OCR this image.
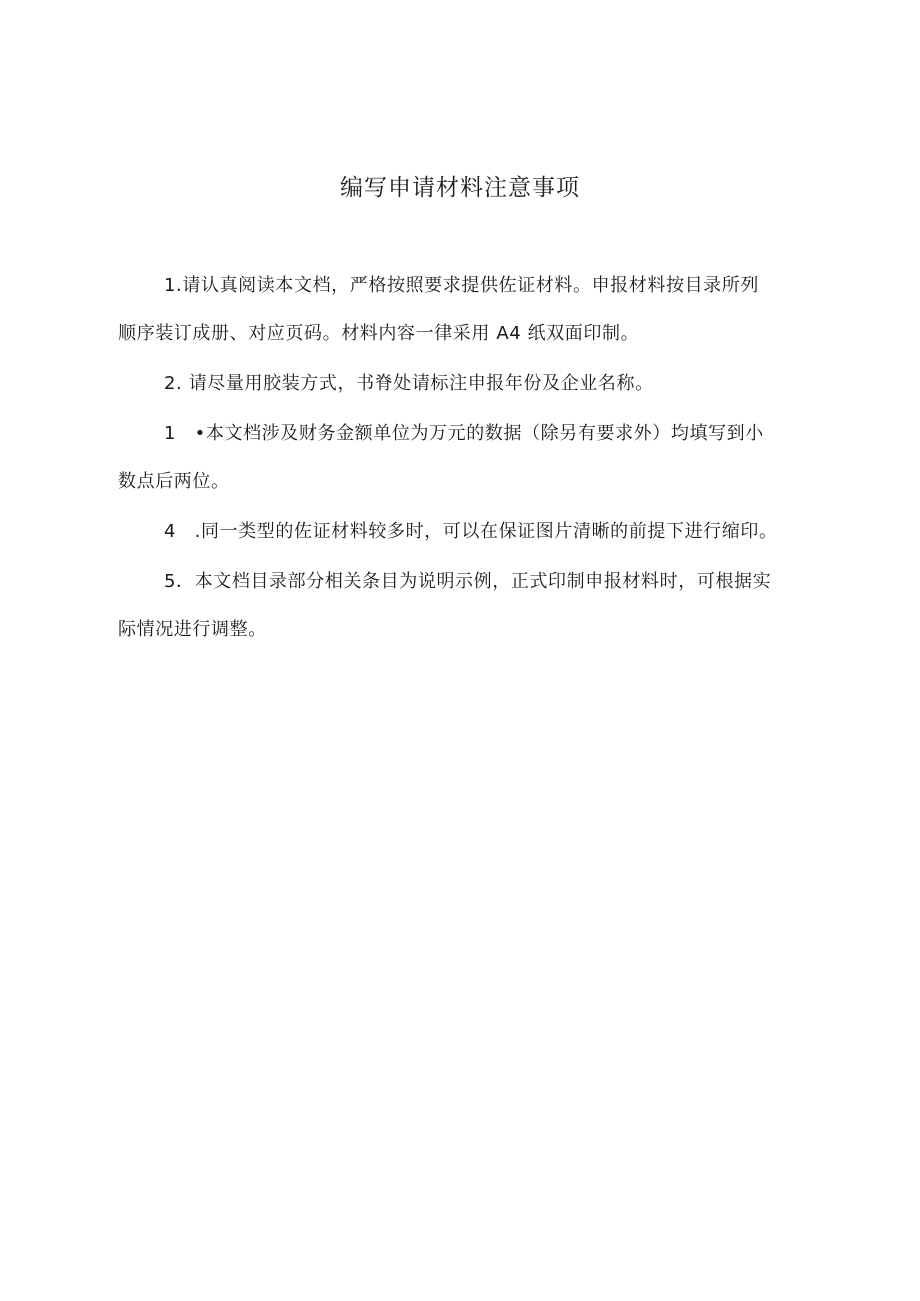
编写申请材料注意事项

1.请认真阅读本文档，严格按照要求提供佐证材料。申报材料按目录所列
顺序装订成册、对应页码。材料内容一律采用 A4 纸双面印制。

2. 请尽量用胶装方式，书脊处请标注申报年份及企业名称。

1　•本文档涉及财务金额单位为万元的数据（除另有要求外）均填写到小
数点后两位。

4　.同一类型的佐证材料较多时，可以在保证图片清晰的前提下进行缩印。

5．本文档目录部分相关条目为说明示例，正式印制申报材料时，可根据实
际情况进行调整。
